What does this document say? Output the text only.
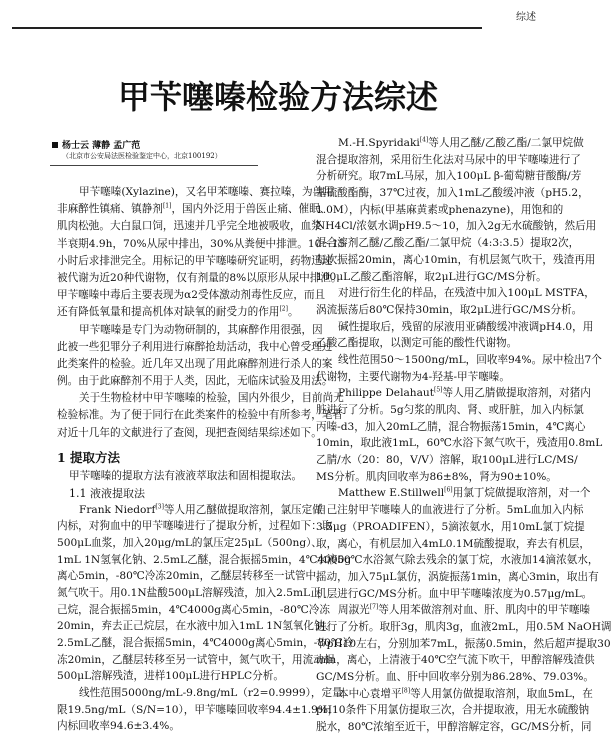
综述
甲苄噻嗪检验方法综述
杨士云 薄静 孟广范
（北京市公安局法医检验鉴定中心，北京100192）
甲苄噻嗪(Xylazine)，又名甲苯噻嗪、赛拉嗪，为兽用
非麻醉性镇痛、镇静剂[1]，国内外泛用于兽医止痛、催眠、
肌肉松弛。大白鼠口饲，迅速并几乎完全地被吸收，血浆
半衰期4.9h，70%从尿中排出，30%从粪便中排泄。10～15
小时后求排泄完全。用标记的甲苄噻嗪研究证明，药物迅速
被代谢为近20种代谢物，仅有剂量的8%以原形从尿中排泄。
甲苄噻嗪中毒后主要表现为α2受体激动剂毒性反应，而且
还有降低氧量和提高机体对缺氧的耐受力的作用[2]。
甲苄噻嗪是专门为动物研制的，其麻醉作用很强，因
此被一些犯罪分子利用进行麻醉抢劫活动，我中心曾受理过
此类案件的检验。近几年又出现了用此麻醉剂进行杀人的案
例。由于此麻醉剂不用于人类，因此，无临床试验及用法。
关于生物检材中甲苄噻嗪的检验，国内外很少，目前尚无
检验标准。为了便于同行在此类案件的检验中有所参考，笔者
对近十几年的文献进行了查阅，现把查阅结果综述如下。
1 提取方法
甲苄噻嗪的提取方法有液液萃取法和固相提取法。
1.1 液液提取法
Frank Niedorf[3]等人用乙醚做提取溶剂，氯压定做
内标，对狗血中的甲苄噻嗪进行了提取分析，过程如下：取
500μL血浆，加入20μg/mL的氯压定25μL（500ng）、
1mL 1N氢氧化钠、2.5mL乙醚，混合振摇5min，4℃4000g
离心5min，-80℃冷冻20min，乙醚层转移至一试管中，
氮气吹干。用0.1N盐酸500μL溶解残渣，加入2.5mL正
己烷，混合振摇5min，4℃4000g离心5min，-80℃冷冻
20min，弃去正己烷层，在水液中加入1mL 1N氢氧化钠、
2.5mL乙醚，混合振摇5min，4℃4000g离心5min，-80℃冷
冻20min，乙醚层转移至另一试管中，氮气吹干，用流动相
500μL溶解残渣，进样100μL进行HPLC分析。
线性范围5000ng/mL-9.8ng/mL（r2=0.9999），定量
限19.5ng/mL（S/N=10），甲苄噻嗪回收率94.4±1.9%，
内标回收率94.6±3.4%。
M.-H.Spyridaki[4]等人用乙醚/乙酸乙酯/二氯甲烷做
混合提取溶剂，采用衍生化法对马尿中的甲苄噻嗪进行了
分析研究。取7mL马尿，加入100μL β-葡萄糖苷酸酶/芳
基硫酸酯酶，37℃过夜，加入1mL乙酸缓冲液（pH5.2，
1.0M），内标(甲基麻黄素或phenazyne)，用饱和的
NH4Cl/浓氨水调pH9.5～10，加入2g无水硫酸钠，然后用
混合溶剂乙醚/乙酸乙酯/二氯甲烷（4:3:3.5）提取2次，
每次振摇20min，离心10min，有机层氮气吹干，残渣再用
100μL乙酸乙酯溶解，取2μL进行GC/MS分析。
对进行衍生化的样品，在残渣中加入100μL MSTFA，
涡流振荡后80℃保持30min，取2μL进行GC/MS分析。
碱性提取后，残留的尿液用亚磷酸缓冲液调pH4.0，用
乙酸乙酯提取，以测定可能的酸性代谢物。
线性范围50～1500ng/mL，回收率94%。尿中检出7个
代谢物，主要代谢物为4-羟基-甲苄噻嗪。
Philippe Delahaut[5]等人用乙腈做提取溶剂，对猪内
脏进行了分析。5g匀浆的肌肉、肾、或肝脏，加入内标氯
丙嗪-d3，加入20mL乙腈，混合物振荡15min，4℃离心
10min，取此液1mL，60℃水浴下氮气吹干，残渣用0.8mL
乙腈/水（20：80，V/V）溶解，取100μL进行LC/MS/
MS分析。肌肉回收率为86±8%，肾为90±10%。
Matthew E.Stillwell[6]用氯丁烷做提取溶剂，对一个
自己注射甲苄噻嗪人的血液进行了分析。5mL血加入内标
3.5μg（PROADIFEN），5滴浓氨水，用10mL氯丁烷提
取，离心，有机层加入4mL0.1M硫酸提取，弃去有机层，
水液50℃水浴氮气除去残余的氯丁烷，水液加14滴浓氨水，
摇动，加入75μL氯仿，涡旋振荡1min，离心3min，取出有
机层进行GC/MS分析。血中甲苄噻嗪浓度为0.57μg/mL。
周淑光[7]等人用苯做溶剂对血、肝、肌肉中的甲苄噻嗪
进行了分析。取肝3g，肌肉3g，血液2mL，用0.5M NaOH调
节pH10左右，分别加苯7mL，振荡0.5min，然后超声提取30
min，离心，上清液于40℃空气流下吹干，甲醇溶解残渣供
GC/MS分析。血、肝中回收率分别为86.28%、79.03%。
本中心袁增平[8]等人用氯仿做提取溶剂，取血5mL，在
pH10条件下用氯仿提取三次，合并提取液，用无水硫酸钠
脱水，80℃浓缩至近干，甲醇溶解定容，GC/MS分析，同
